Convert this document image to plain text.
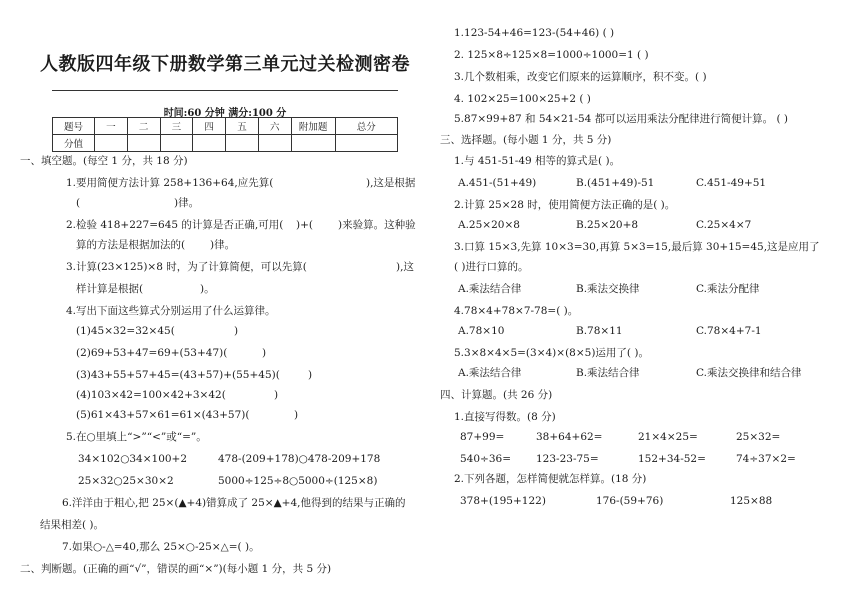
人教版四年级下册数学第三单元过关检测密卷
时间:60 分钟 满分:100 分
题号	一	二	三	四	五	六	附加题	总分
分值								
一、填空题。(每空 1 分，共 18 分)
1.要用简便方法计算 258+136+64,应先算(	),这是根据
(	)律。
2.检验 418+227=645 的计算是否正确,可用( )+( )来验算。这种验
算的方法是根据加法的( )律。
3.计算(23×125)×8 时，为了计算简便，可以先算(	),这
样计算是根据(	)。
4.写出下面这些算式分别运用了什么运算律。
(1)45×32=32×45(	)
(2)69+53+47=69+(53+47)(	)
(3)43+55+57+45=(43+57)+(55+45)(	)
(4)103×42=100×42+3×42(	)
(5)61×43+57×61=61×(43+57)(	)
5.在○里填上“>”“<”或“=”。
34×102○34×100+2	478-(209+178)○478-209+178
25×32○25×30×2	5000÷125÷8○5000÷(125×8)
6.洋洋由于粗心,把 25×(▲+4)错算成了 25×▲+4,他得到的结果与正确的
结果相差( )。
7.如果○-△=40,那么 25×○-25×△=( )。
二、判断题。(正确的画“√”，错误的画“×”)(每小题 1 分，共 5 分)
1.123-54+46=123-(54+46) ( )
2. 125×8÷125×8=1000÷1000=1 ( )
3.几个数相乘，改变它们原来的运算顺序，积不变。( )
4. 102×25=100×25+2 ( )
5.87×99+87 和 54×21-54 都可以运用乘法分配律进行简便计算。 ( )
三、选择题。(每小题 1 分，共 5 分)
1.与 451-51-49 相等的算式是( )。
A.451-(51+49)	B.(451+49)-51	C.451-49+51
2.计算 25×28 时，使用简便方法正确的是( )。
A.25×20×8	B.25×20+8	C.25×4×7
3.口算 15×3,先算 10×3=30,再算 5×3=15,最后算 30+15=45,这是应用了
( )进行口算的。
A.乘法结合律	B.乘法交换律	C.乘法分配律
4.78×4+78×7-78=( )。
A.78×10	B.78×11	C.78×4+7-1
5.3×8×4×5=(3×4)×(8×5)运用了( )。
A.乘法结合律	B.乘法结合律	C.乘法交换律和结合律
四、计算题。(共 26 分)
1.直接写得数。(8 分)
87+99=	38+64+62=	21×4×25=	25×32=
540÷36= 123-23-75=	152+34-52=	74÷37×2=
2.下列各题，怎样简便就怎样算。(18 分)
378+(195+122)	176-(59+76)	125×88
